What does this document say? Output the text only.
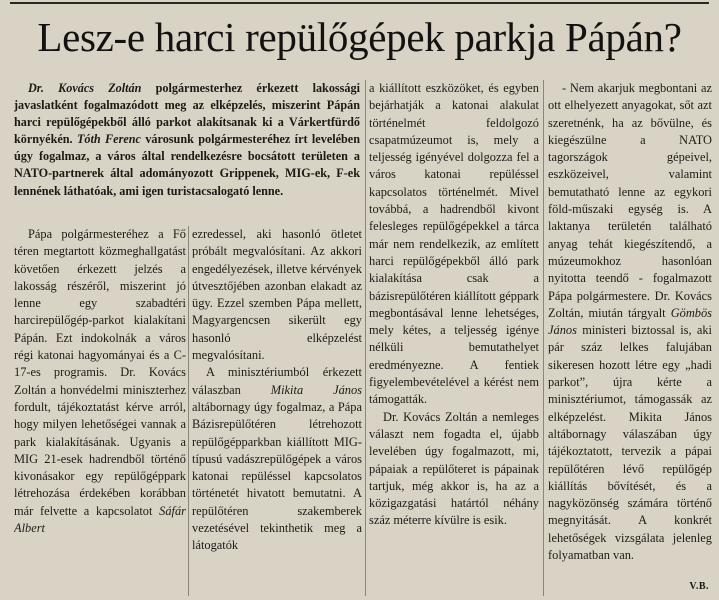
Lesz-e harci repülőgépek parkja Pápán?

Dr. Kovács Zoltán polgármesterhez érkezett lakossági javaslatként fogalmazódott meg az elképzelés, miszerint Pápán harci repülőgépekből álló parkot alakítsanak ki a Várkertfürdő környékén. Tóth Ferenc városunk polgármesteréhez írt levelében úgy fogalmaz, a város által rendelkezésre bocsátott területen a NATO-partnerek által adományozott Grippenek, MIG-ek, F-ek lennének láthatóak, ami igen turistacsalogató lenne.

Pápa polgármesteréhez a Fő téren megtartott közmeghallgatást követően érkezett jelzés a lakosság részéről, miszerint jó lenne egy szabadtéri harcirepülőgép-parkot kialakítani Pápán. Ezt indokolnák a város régi katonai hagyományai és a C-17-es programis. Dr. Kovács Zoltán a honvédelmi miniszterhez fordult, tájékoztatást kérve arról, hogy milyen lehetőségei vannak a park kialakításának. Ugyanis a MIG 21-esek hadrendből történő kivonásakor egy repülőgéppark létrehozása érdekében korábban már felvette a kapcsolatot Sáfár Albert

ezredessel, aki hasonló ötletet próbált megvalósítani. Az akkori engedélyezések, illetve kérvények útvesztőjében azonban elakadt az ügy. Ezzel szemben Pápa mellett, Magyargencsen sikerült egy hasonló elképzelést megvalósítani.

A minisztériumból érkezett válaszban Mikita János altábornagy úgy fogalmaz, a Pápa Bázisrepülőtéren létrehozott repülőgépparkban kiállított MIG-típusú vadászrepülőgépek a város katonai repüléssel kapcsolatos történetét hivatott bemutatni. A repülőtéren szakemberek vezetésével tekinthetik meg a látogatók

a kiállított eszközöket, és egyben bejárhatják a katonai alakulat történelmét feldolgozó csapatmúzeumot is, mely a teljesség igényével dolgozza fel a város katonai repüléssel kapcsolatos történelmét. Mivel továbbá, a hadrendből kivont felesleges repülőgépekkel a tárca már nem rendelkezik, az említett harci repülőgépekből álló park kialakítása csak a bázisrepülőtéren kiállított géppark megbontásával lenne lehetséges, mely kétes, a teljesség igénye nélküli bemutathelyet eredményezne. A fentiek figyelembevételével a kérést nem támogatták.

Dr. Kovács Zoltán a nemleges választ nem fogadta el, újabb levelében úgy fogalmazott, mi, pápaiak a repülőteret is pápainak tartjuk, még akkor is, ha az a közigazgatási határtól néhány száz méterre kívülre is esik.

- Nem akarjuk megbontani az ott elhelyezett anyagokat, sőt azt szeretnénk, ha az bővülne, és kiegészülne a NATO tagországok gépeivel, eszközeivel, valamint bemutatható lenne az egykori föld-műszaki egység is. A laktanya területén található anyag tehát kiegészítendő, a múzeumokhoz hasonlóan nyitotta teendő - fogalmazott Pápa polgármestere. Dr. Kovács Zoltán, miután tárgyalt Gömbös János ministeri biztossal is, aki pár száz lelkes falujában sikeresen hozott létre egy „hadi parkot”, újra kérte a minisztériumot, támogassák az elképzelést. Mikita János altábornagy válaszában úgy tájékoztatott, tervezik a pápai repülőtéren lévő repülőgép kiállítás bővítését, és a nagyközönség számára történő megnyitását. A konkrét lehetőségek vizsgálata jelenleg folyamatban van.

V.B.
